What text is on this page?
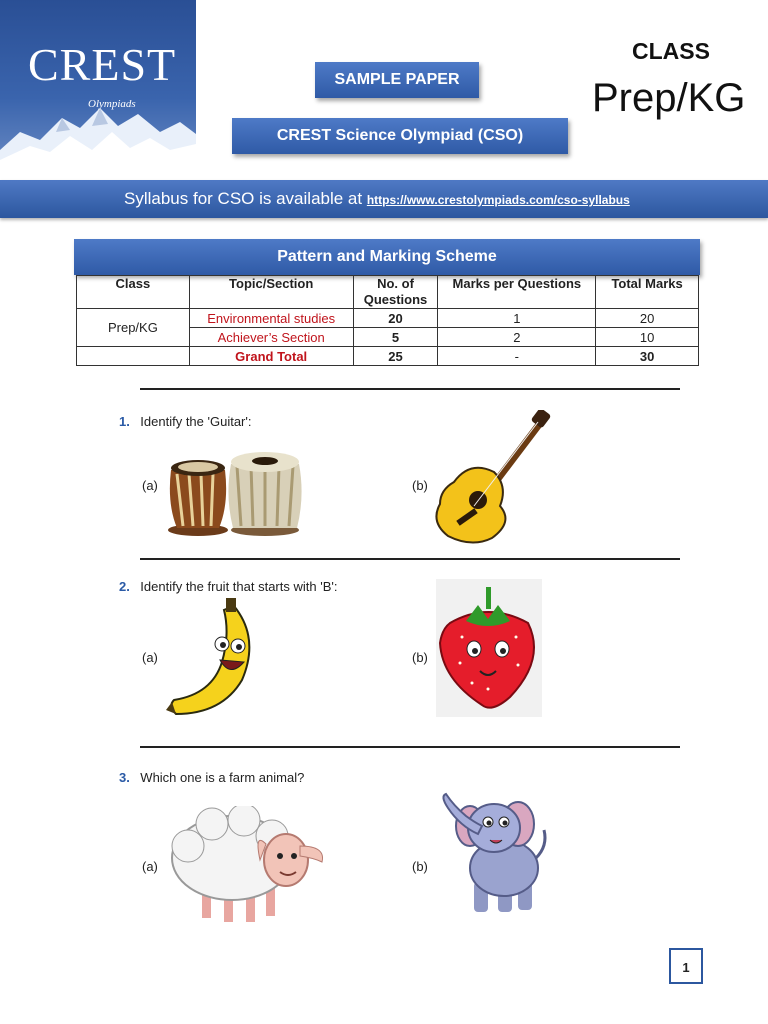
CREST
Olympiads
SAMPLE PAPER
CREST Science Olympiad (CSO)
CLASS
Prep/KG
Syllabus for CSO is available at https://www.crestolympiads.com/cso-syllabus
Pattern and Marking Scheme
Class	Topic/Section	No. of Questions	Marks per Questions	Total Marks
Prep/KG	Environmental studies	20	1	20
	Achiever’s Section	5	2	10
	Grand Total	25	-	30
1. Identify the 'Guitar':
(a)	(b)
2. Identify the fruit that starts with 'B':
(a)	(b)
3. Which one is a farm animal?
(a)	(b)
1
